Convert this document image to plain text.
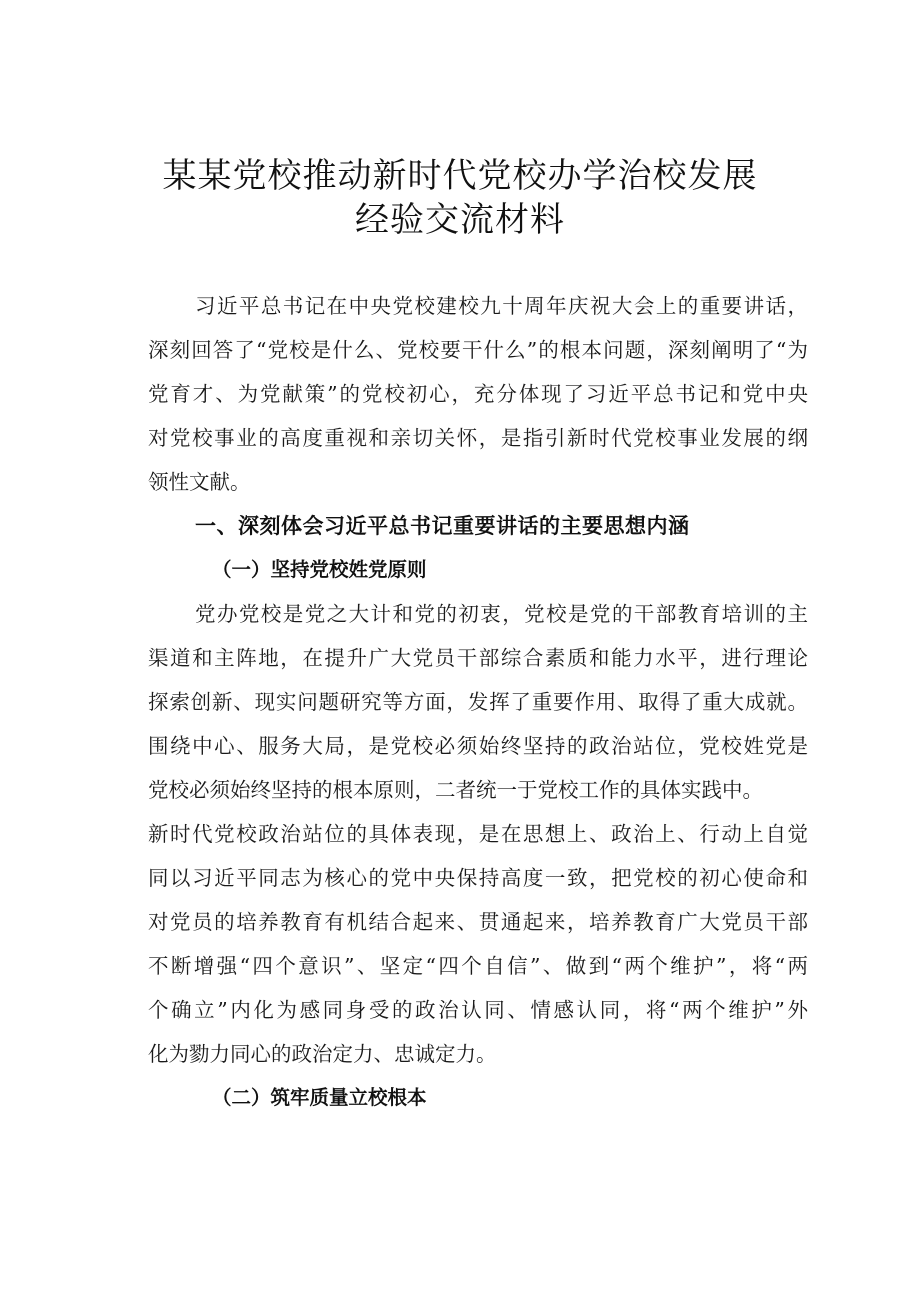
某某党校推动新时代党校办学治校发展
经验交流材料
习近平总书记在中央党校建校九十周年庆祝大会上的重要讲话，
深刻回答了“党校是什么、党校要干什么”的根本问题，深刻阐明了“为
党育才、为党献策”的党校初心，充分体现了习近平总书记和党中央
对党校事业的高度重视和亲切关怀，是指引新时代党校事业发展的纲
领性文献。
一、深刻体会习近平总书记重要讲话的主要思想内涵
（一）坚持党校姓党原则
党办党校是党之大计和党的初衷，党校是党的干部教育培训的主
渠道和主阵地，在提升广大党员干部综合素质和能力水平，进行理论
探索创新、现实问题研究等方面，发挥了重要作用、取得了重大成就。
围绕中心、服务大局，是党校必须始终坚持的政治站位，党校姓党是
党校必须始终坚持的根本原则，二者统一于党校工作的具体实践中。
新时代党校政治站位的具体表现，是在思想上、政治上、行动上自觉
同以习近平同志为核心的党中央保持高度一致，把党校的初心使命和
对党员的培养教育有机结合起来、贯通起来，培养教育广大党员干部
不断增强“四个意识”、坚定“四个自信”、做到“两个维护”，将“两
个确立”内化为感同身受的政治认同、情感认同，将“两个维护”外
化为勠力同心的政治定力、忠诚定力。
（二）筑牢质量立校根本
